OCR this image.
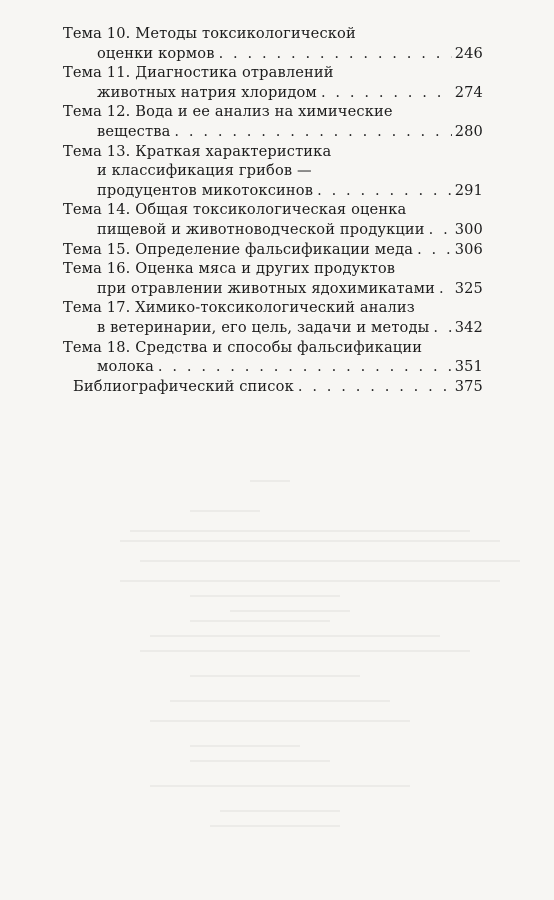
Тема 10. Методы токсикологической
оценки кормов . . .	246
Тема 11. Диагностика отравлений
животных натрия хлоридом . . .	274
Тема 12. Вода и ее анализ на химические
вещества . . .	280
Тема 13. Краткая характеристика
и классификация грибов —
продуцентов микотоксинов . . .	291
Тема 14. Общая токсикологическая оценка
пищевой и животноводческой продукции . . . 300
Тема 15. Определение фальсификации меда . . .	306
Тема 16. Оценка мяса и других продуктов
при отравлении животных ядохимикатами . . . 325
Тема 17. Химико-токсикологический анализ
в ветеринарии, его цель, задачи и методы . . . 342
Тема 18. Средства и способы фальсификации
молока . . .	351
Библиографический список . . .	375
